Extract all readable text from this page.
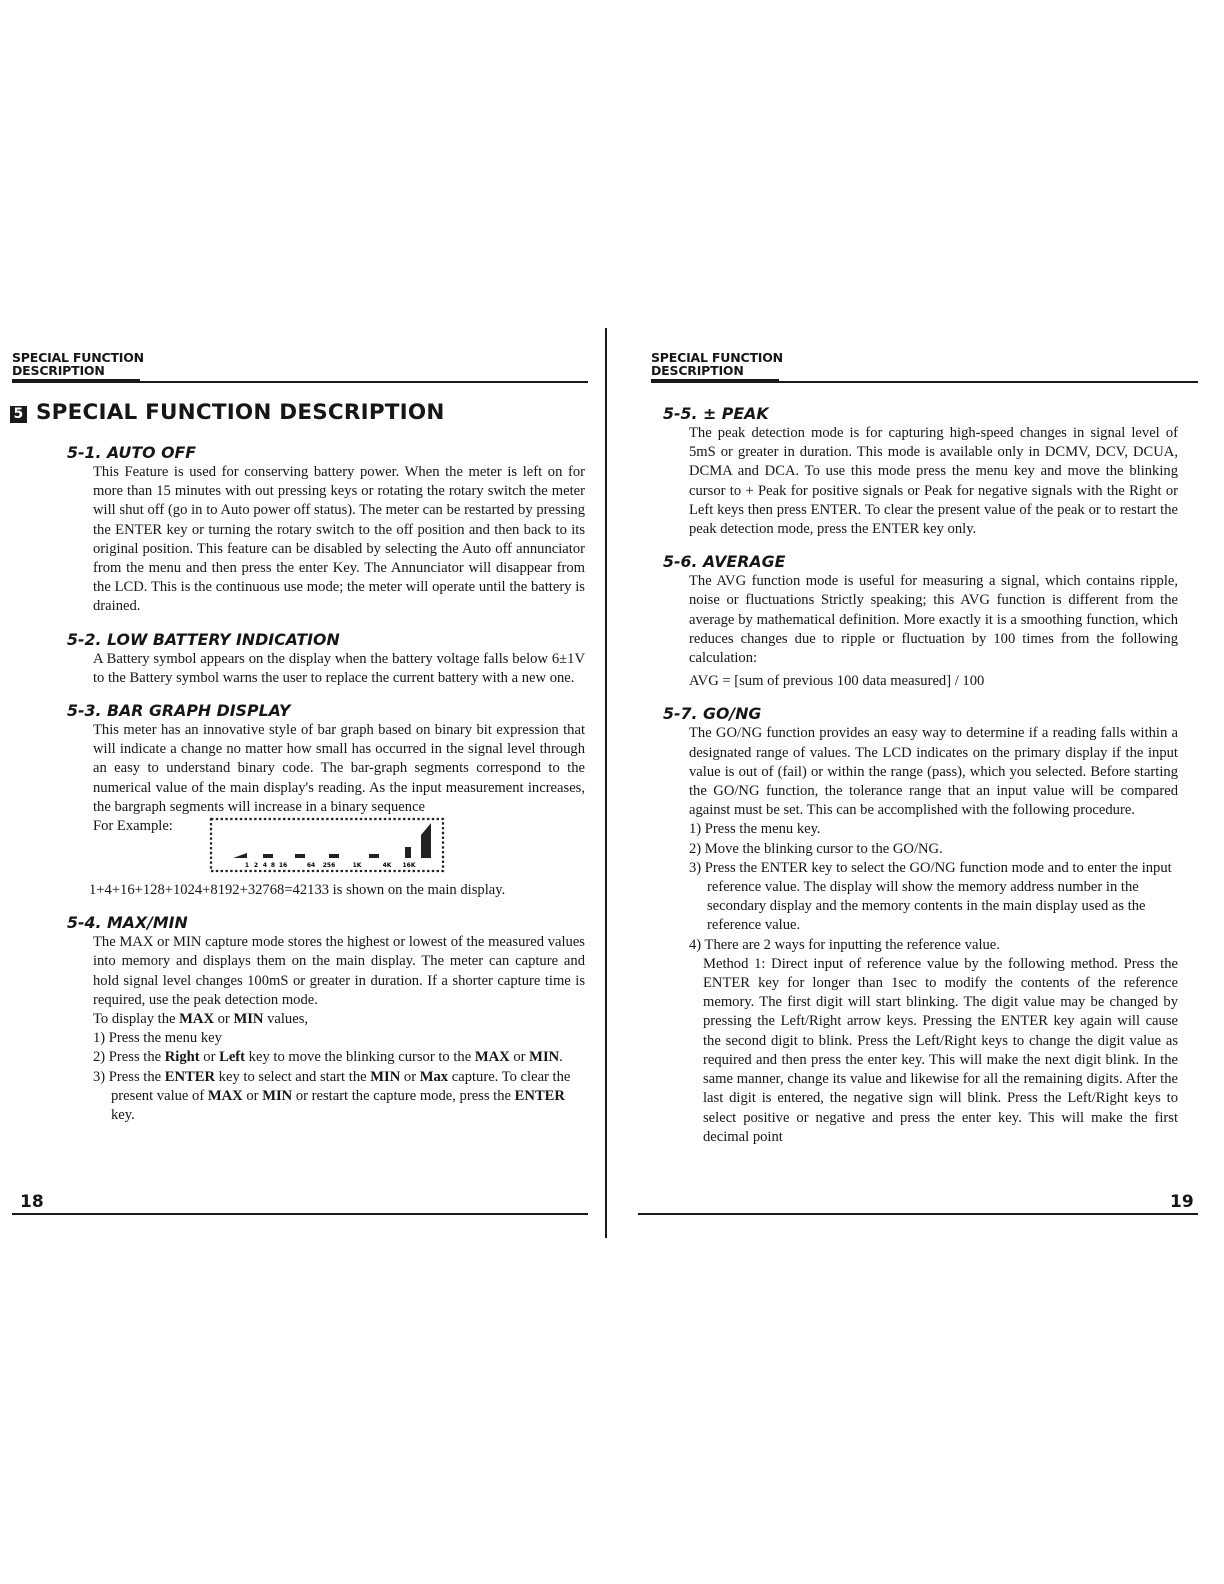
SPECIAL FUNCTION
DESCRIPTION
5 SPECIAL FUNCTION DESCRIPTION
5-1. AUTO OFF

This Feature is used for conserving battery power. When the meter is left on for more than 15 minutes with out pressing keys or rotating the rotary switch the meter will shut off (go in to Auto power off status). The meter can be restarted by pressing the ENTER key or turning the rotary switch to the off position and then back to its original position. This feature can be disabled by selecting the Auto off annunciator from the menu and then press the enter Key. The Annunciator will disappear from the LCD. This is the continuous use mode; the meter will operate until the battery is drained.

5-2. LOW BATTERY INDICATION

A Battery symbol appears on the display when the battery voltage falls below 6±1V to the Battery symbol warns the user to replace the current battery with a new one.

5-3. BAR GRAPH DISPLAY

This meter has an innovative style of bar graph based on binary bit expression that will indicate a change no matter how small has occurred in the signal level through an easy to understand binary code. The bar-graph segments correspond to the numerical value of the main display's reading. As the input measurement increases, the bargraph segments will increase in a binary sequence

For Example:
1 2 4 8 16	64 256	1K	4K 16K

1+4+16+128+1024+8192+32768=42133 is shown on the main display.

5-4. MAX/MIN

The MAX or MIN capture mode stores the highest or lowest of the measured values into memory and displays them on the main display. The meter can capture and hold signal level changes 100mS or greater in duration. If a shorter capture time is required, use the peak detection mode.

To display the MAX or MIN values,

1) Press the menu key

2) Press the Right or Left key to move the blinking cursor to the MAX or MIN.

3) Press the ENTER key to select and start the MIN or Max capture. To clear the present value of MAX or MIN or restart the capture mode, press the ENTER key.

18
SPECIAL FUNCTION
DESCRIPTION
5-5. ± PEAK

The peak detection mode is for capturing high-speed changes in signal level of 5mS or greater in duration. This mode is available only in DCMV, DCV, DCUA, DCMA and DCA. To use this mode press the menu key and move the blinking cursor to + Peak for positive signals or Peak for negative signals with the Right or Left keys then press ENTER. To clear the present value of the peak or to restart the peak detection mode, press the ENTER key only.

5-6. AVERAGE

The AVG function mode is useful for measuring a signal, which contains ripple, noise or fluctuations Strictly speaking; this AVG function is different from the average by mathematical definition. More exactly it is a smoothing function, which reduces changes due to ripple or fluctuation by 100 times from the following calculation:

AVG = [sum of previous 100 data measured] / 100

5-7. GO/NG

The GO/NG function provides an easy way to determine if a reading falls within a designated range of values. The LCD indicates on the primary display if the input value is out of (fail) or within the range (pass), which you selected. Before starting the GO/NG function, the tolerance range that an input value will be compared against must be set. This can be accomplished with the following procedure.

1) Press the menu key.

2) Move the blinking cursor to the GO/NG.

3) Press the ENTER key to select the GO/NG function mode and to enter the input reference value. The display will show the memory address number in the secondary display and the memory contents in the main display used as the reference value.

4) There are 2 ways for inputting the reference value.

Method 1: Direct input of reference value by the following method. Press the ENTER key for longer than 1sec to modify the contents of the reference memory. The first digit will start blinking. The digit value may be changed by pressing the Left/Right arrow keys. Pressing the ENTER key again will cause the second digit to blink. Press the Left/Right keys to change the digit value as required and then press the enter key. This will make the next digit blink. In the same manner, change its value and likewise for all the remaining digits. After the last digit is entered, the negative sign will blink. Press the Left/Right keys to select positive or negative and press the enter key. This will make the first decimal point

19
